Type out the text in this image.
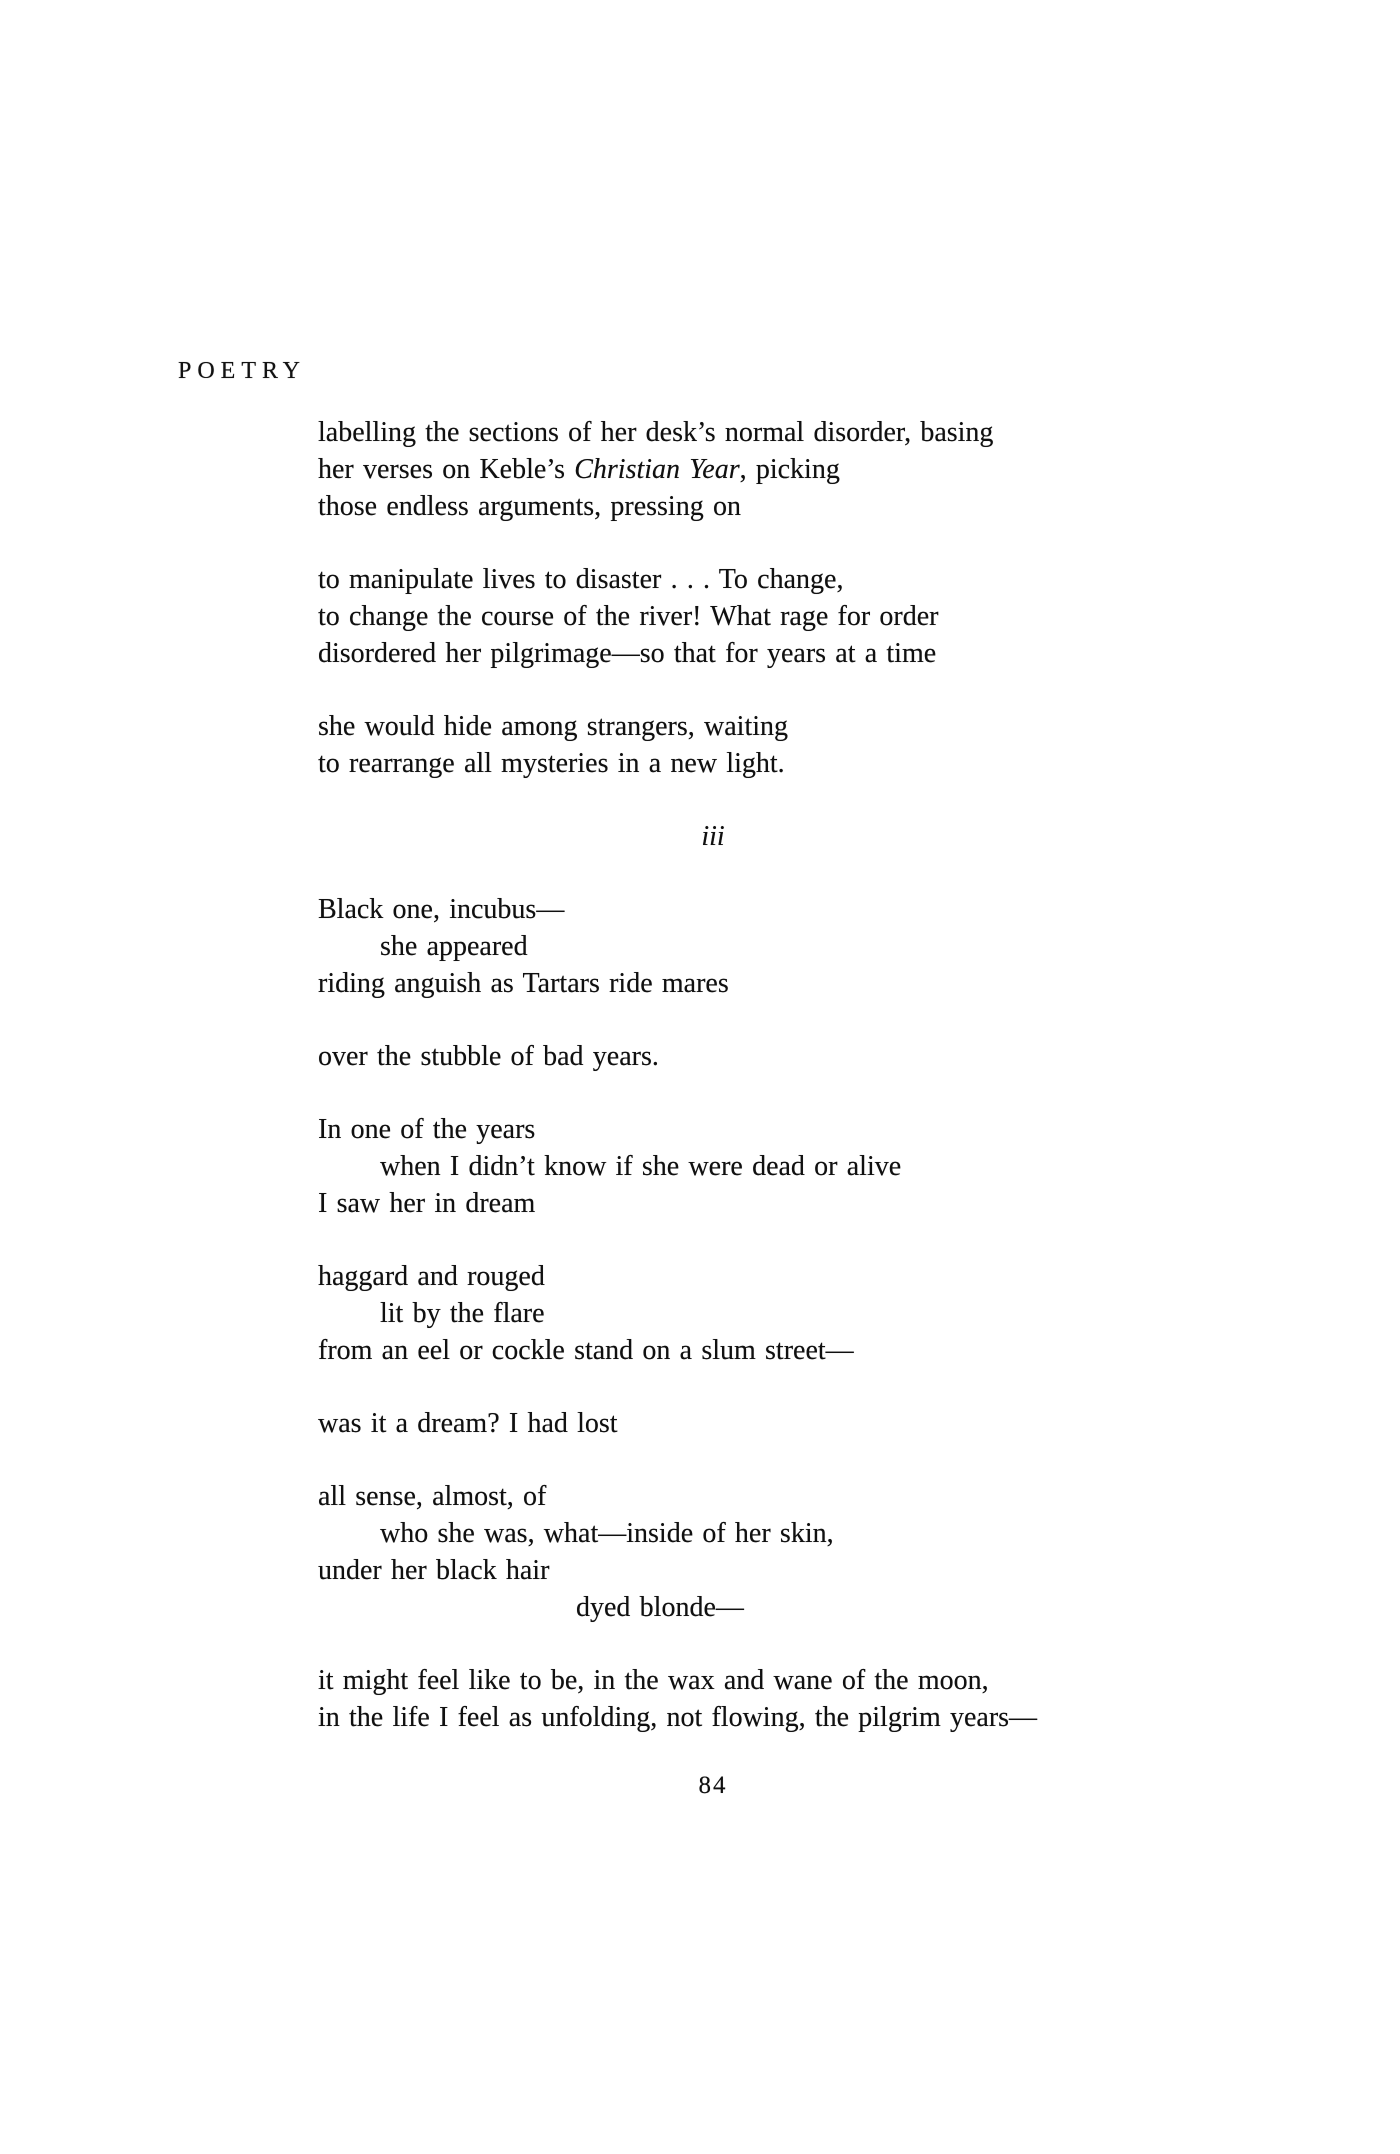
POETRY
labelling the sections of her desk’s normal disorder, basing
her verses on Keble’s Christian Year, picking
those endless arguments, pressing on
to manipulate lives to disaster . . . To change,
to change the course of the river! What rage for order
disordered her pilgrimage—so that for years at a time
she would hide among strangers, waiting
to rearrange all mysteries in a new light.
iii
Black one, incubus—
she appeared
riding anguish as Tartars ride mares
over the stubble of bad years.
In one of the years
when I didn’t know if she were dead or alive
I saw her in dream
haggard and rouged
lit by the flare
from an eel or cockle stand on a slum street—
was it a dream? I had lost
all sense, almost, of
who she was, what—inside of her skin,
under her black hair
dyed blonde—
it might feel like to be, in the wax and wane of the moon,
in the life I feel as unfolding, not flowing, the pilgrim years—
84
